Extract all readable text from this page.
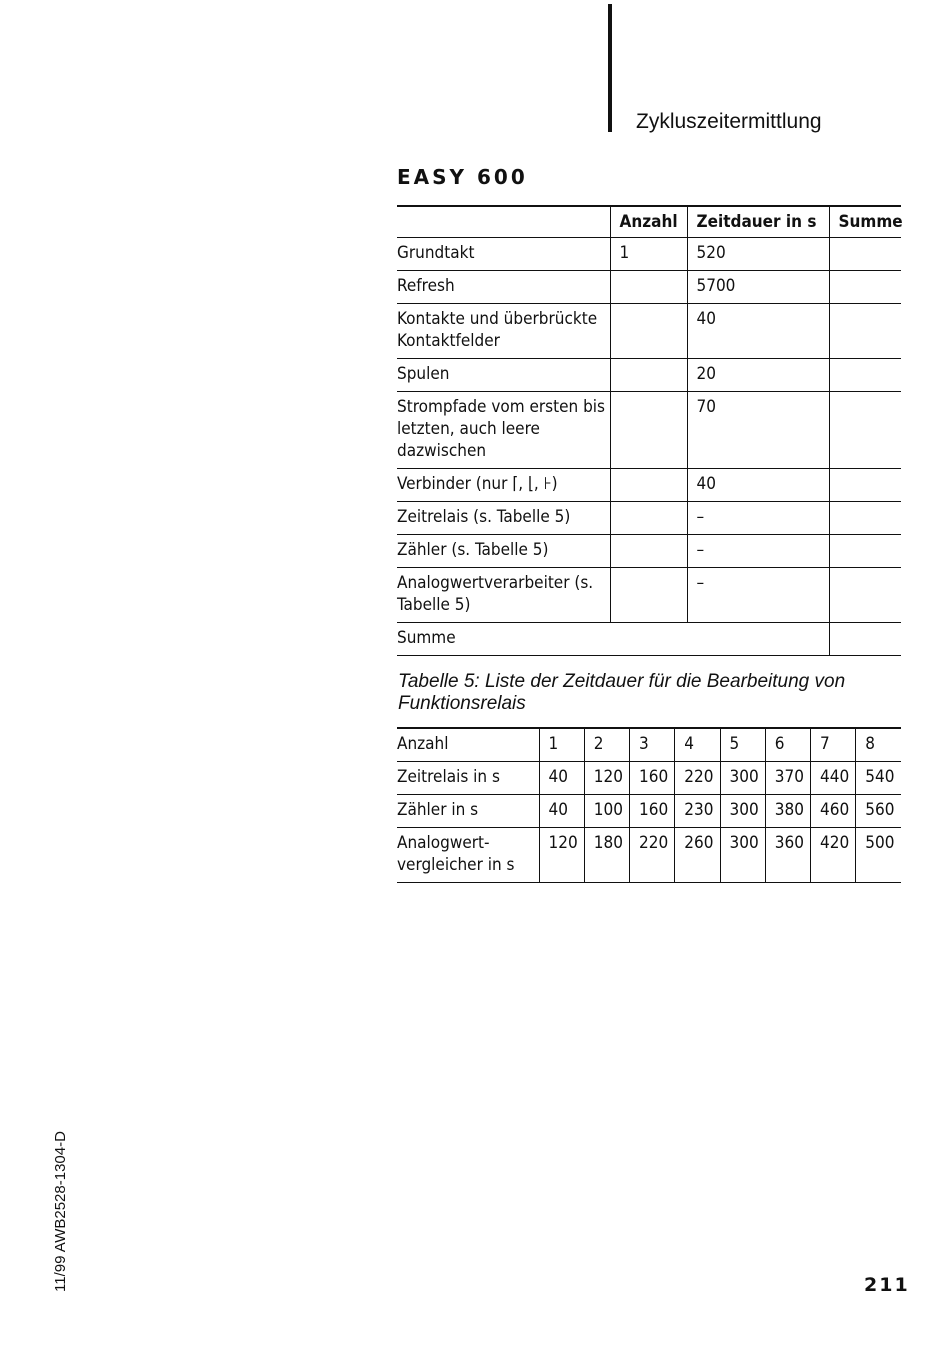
Zykluszeitermittlung
EASY 600
	Anzahl	Zeitdauer in s	Summe
Grundtakt	1	520	
Refresh		5700	
Kontakte und überbrückte Kontaktfelder		40	
Spulen		20	
Strompfade vom ersten bis letzten, auch leere dazwischen		70	
Verbinder (nur ⌈, ⌊, ⊦)		40	
Zeitrelais (s. Tabelle 5)		–	
Zähler (s. Tabelle 5)		–	
Analogwertverarbeiter (s. Tabelle 5)		–	
Summe			
Tabelle 5: Liste der Zeitdauer für die Bearbeitung von Funktionsrelais
Anzahl	1	2	3	4	5	6	7	8
Zeitrelais in s	40	120	160	220	300	370	440	540
Zähler in s	40	100	160	230	300	380	460	560
Analogwert-vergleicher in s	120	180	220	260	300	360	420	500
11/99 AWB2528-1304-D	211
